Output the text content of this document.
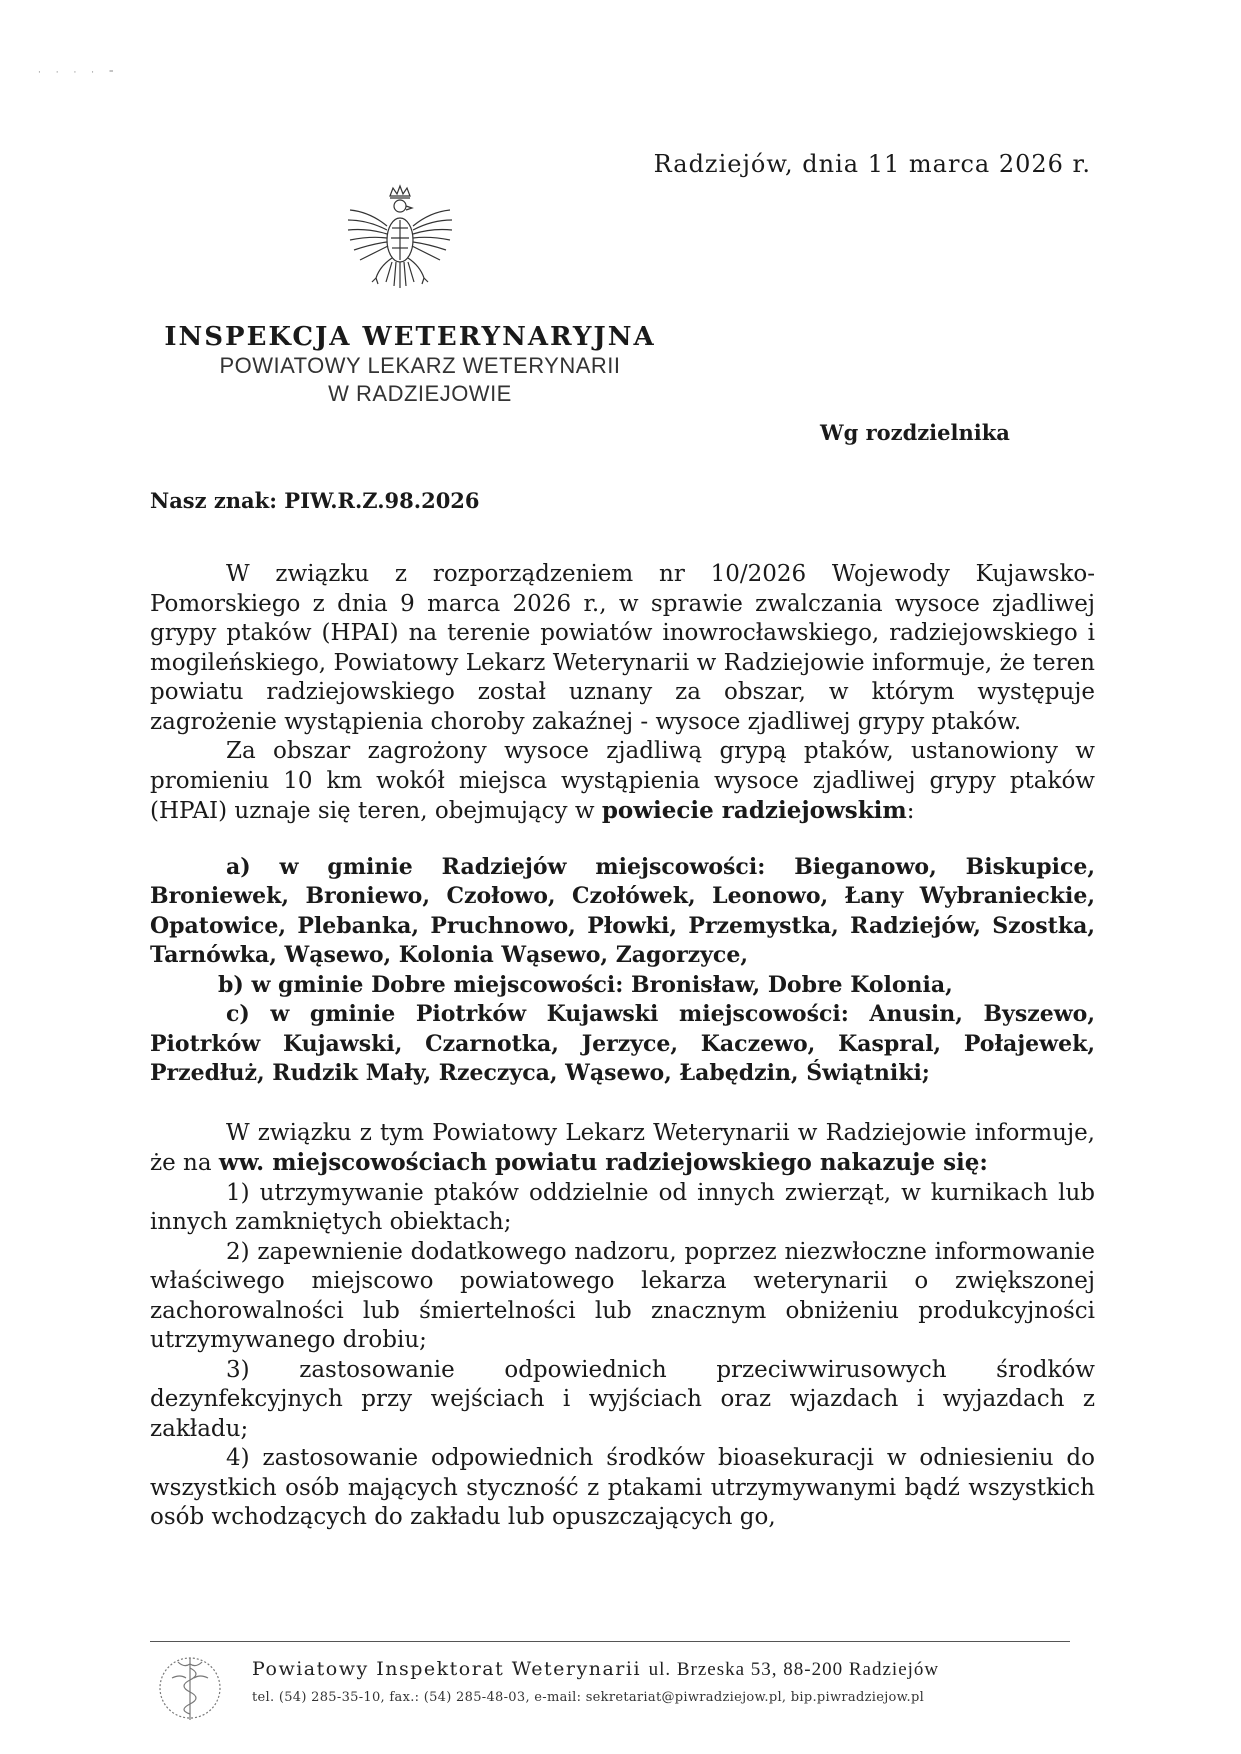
· · · · ⁼
Radziejów, dnia 11 marca 2026 r.
INSPEKCJA WETERYNARYJNA
POWIATOWY LEKARZ WETERYNARII
W RADZIEJOWIE
Wg rozdzielnika
Nasz znak: PIW.R.Z.98.2026

W związku z rozporządzeniem nr 10/2026 Wojewody Kujawsko-Pomorskiego z dnia 9 marca 2026 r., w sprawie zwalczania wysoce zjadliwej grypy ptaków (HPAI) na terenie powiatów inowrocławskiego, radziejowskiego i mogileńskiego, Powiatowy Lekarz Weterynarii w Radziejowie informuje, że teren powiatu radziejowskiego został uznany za obszar, w którym występuje zagrożenie wystąpienia choroby zakaźnej - wysoce zjadliwej grypy ptaków.

Za obszar zagrożony wysoce zjadliwą grypą ptaków, ustanowiony w promieniu 10 km wokół miejsca wystąpienia wysoce zjadliwej grypy ptaków (HPAI) uznaje się teren, obejmujący w powiecie radziejowskim:

a) w gminie Radziejów miejscowości: Bieganowo, Biskupice, Broniewek, Broniewo, Czołowo, Czołówek, Leonowo, Łany Wybranieckie, Opatowice, Plebanka, Pruchnowo, Płowki, Przemystka, Radziejów, Szostka, Tarnówka, Wąsewo, Kolonia Wąsewo, Zagorzyce,

b) w gminie Dobre miejscowości: Bronisław, Dobre Kolonia,

c) w gminie Piotrków Kujawski miejscowości: Anusin, Byszewo, Piotrków Kujawski, Czarnotka, Jerzyce, Kaczewo, Kaspral, Połajewek, Przedłuż, Rudzik Mały, Rzeczyca, Wąsewo, Łabędzin, Świątniki;

W związku z tym Powiatowy Lekarz Weterynarii w Radziejowie informuje, że na ww. miejscowościach powiatu radziejowskiego nakazuje się:

1) utrzymywanie ptaków oddzielnie od innych zwierząt, w kurnikach lub innych zamkniętych obiektach;

2) zapewnienie dodatkowego nadzoru, poprzez niezwłoczne informowanie właściwego miejscowo powiatowego lekarza weterynarii o zwiększonej zachorowalności lub śmiertelności lub znacznym obniżeniu produkcyjności utrzymywanego drobiu;

3) zastosowanie odpowiednich przeciwwirusowych środków dezynfekcyjnych przy wejściach i wyjściach oraz wjazdach i wyjazdach z zakładu;

4) zastosowanie odpowiednich środków bioasekuracji w odniesieniu do wszystkich osób mających styczność z ptakami utrzymywanymi bądź wszystkich osób wchodzących do zakładu lub opuszczających go,

Powiatowy Inspektorat Weterynarii ul. Brzeska 53, 88-200 Radziejów
tel. (54) 285-35-10, fax.: (54) 285-48-03, e-mail: sekretariat@piwradziejow.pl, bip.piwradziejow.pl
